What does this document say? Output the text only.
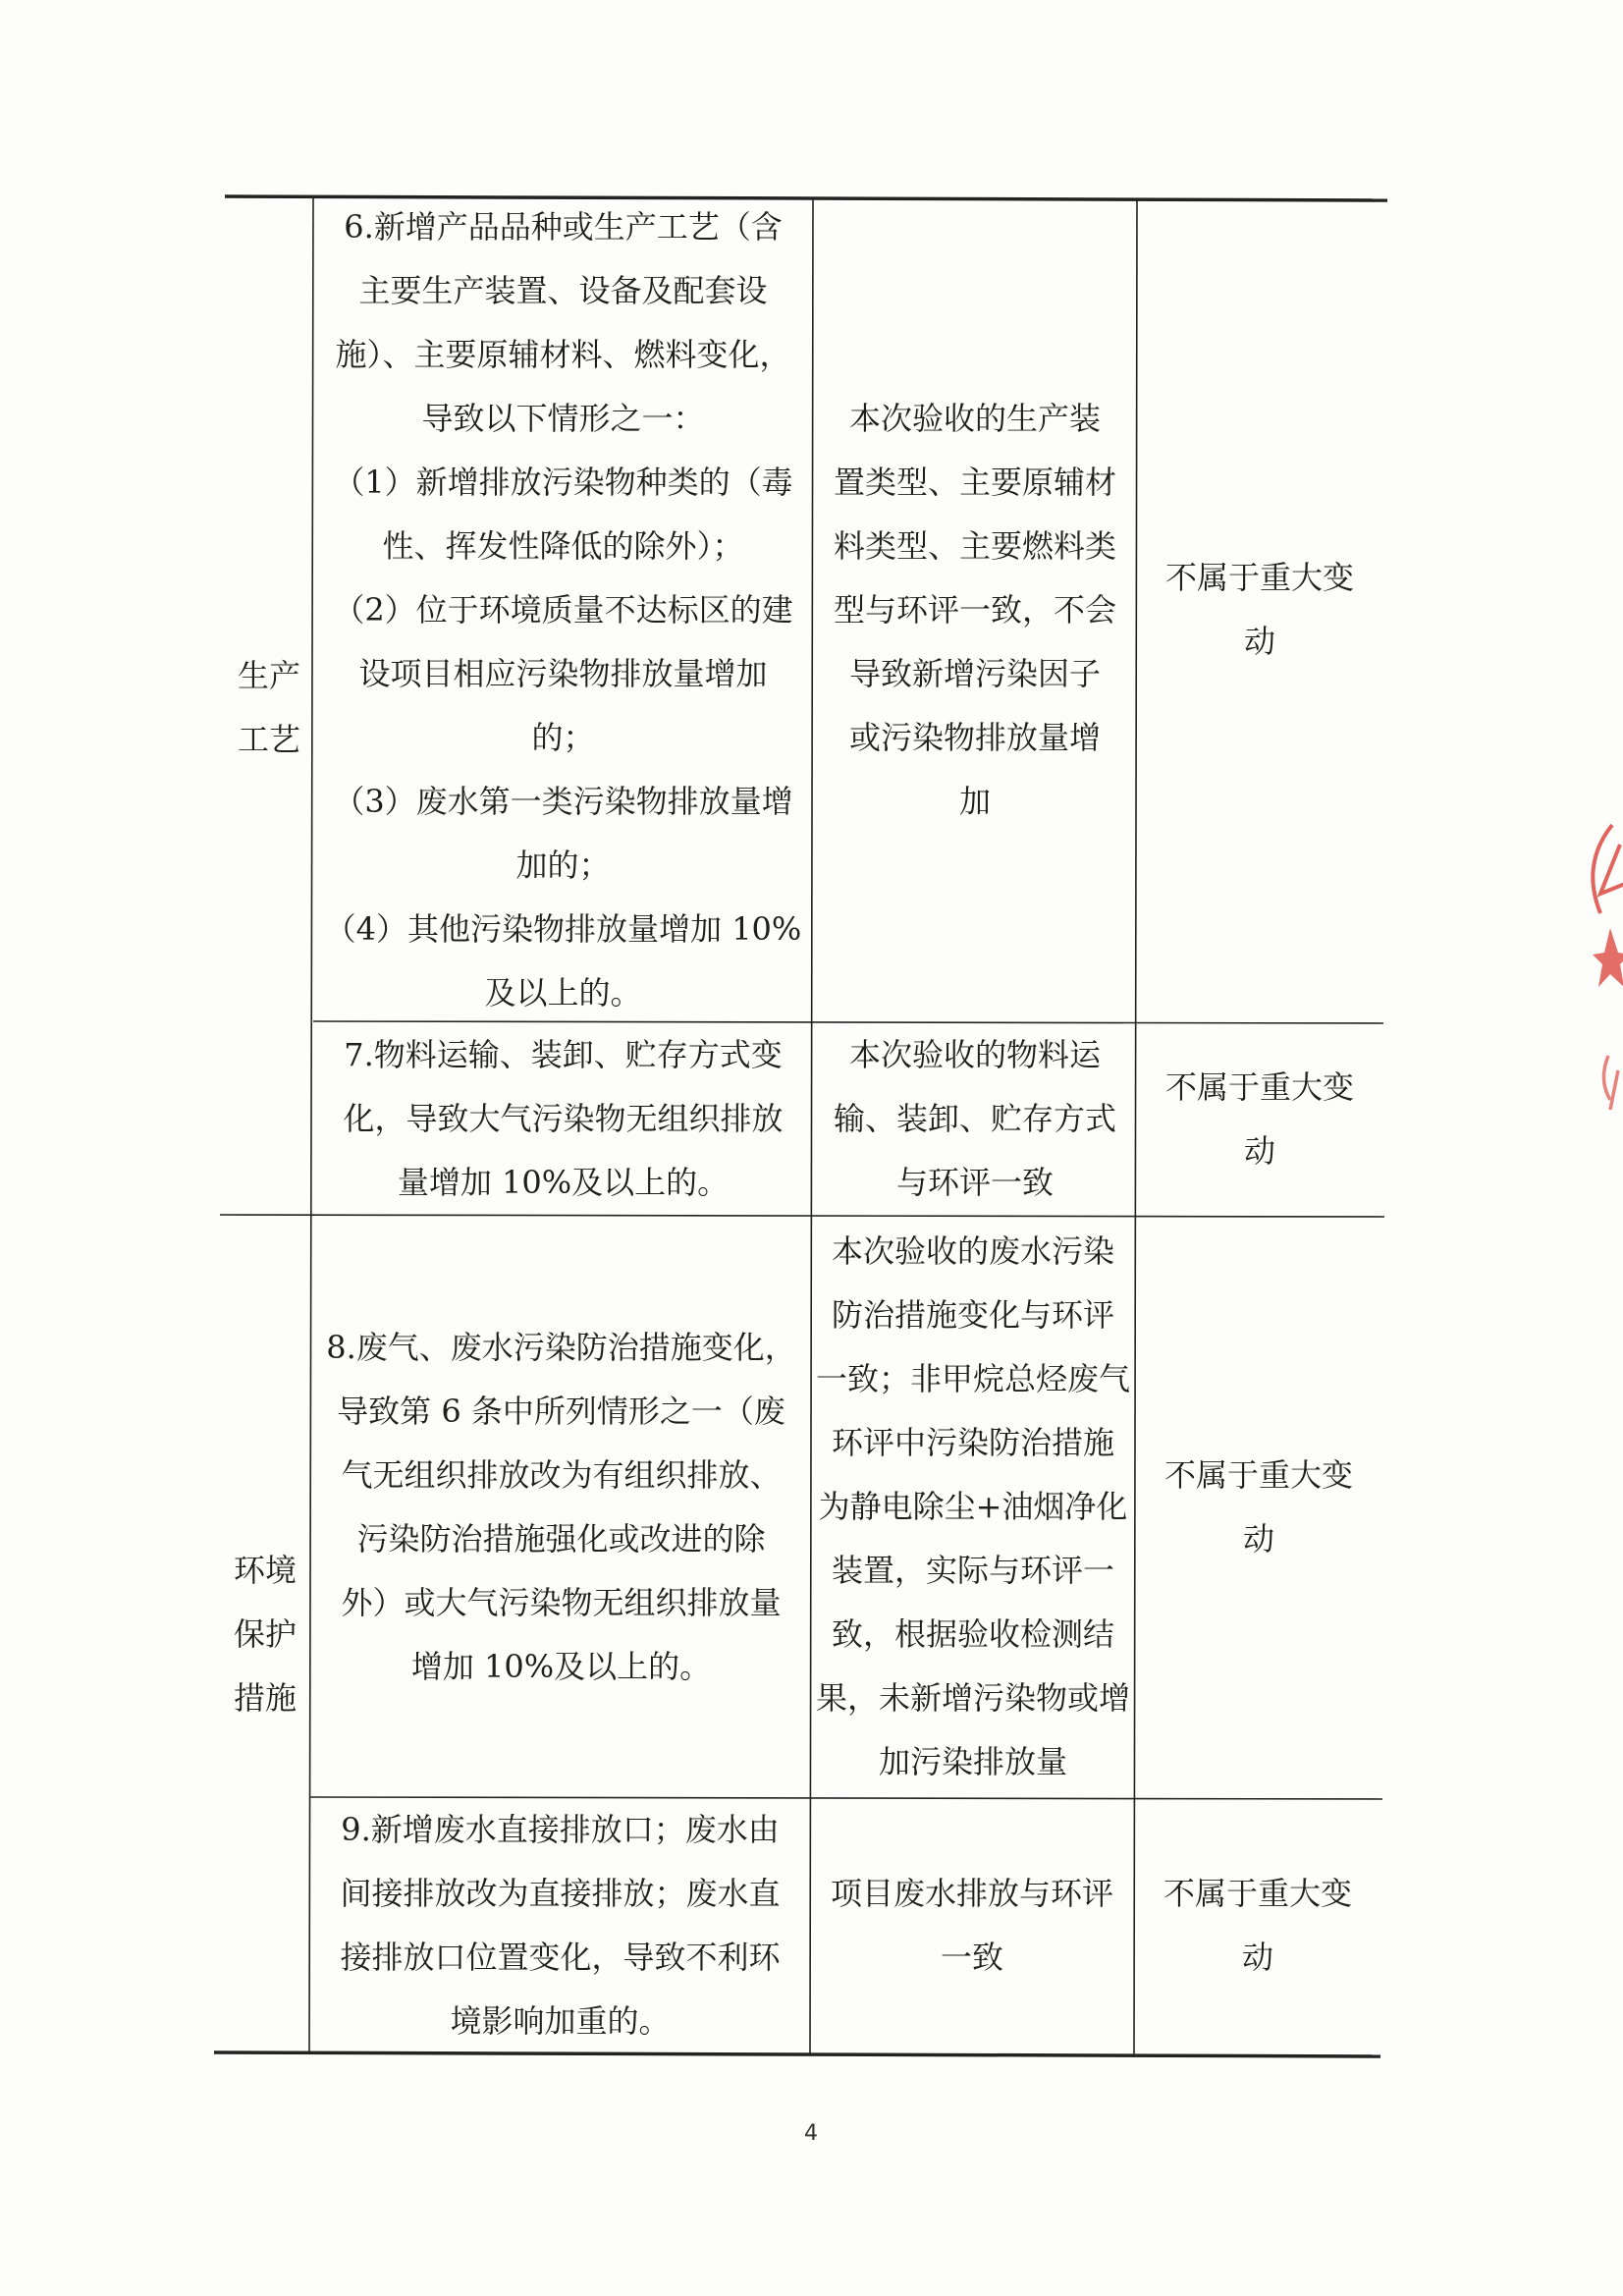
生产
工艺
6.新增产品品种或生产工艺（含
主要生产装置、设备及配套设
施）、主要原辅材料、燃料变化，
导致以下情形之一：
（1）新增排放污染物种类的（毒
性、挥发性降低的除外）；
（2）位于环境质量不达标区的建
设项目相应污染物排放量增加
的；
（3）废水第一类污染物排放量增
加的；
（4）其他污染物排放量增加 10%
及以上的。
本次验收的生产装
置类型、主要原辅材
料类型、主要燃料类
型与环评一致，不会
导致新增污染因子
或污染物排放量增
加
不属于重大变
动
7.物料运输、装卸、贮存方式变
化，导致大气污染物无组织排放
量增加 10%及以上的。
本次验收的物料运
输、装卸、贮存方式
与环评一致
不属于重大变
动
环境
保护
措施
8.废气、废水污染防治措施变化，
导致第 6 条中所列情形之一（废
气无组织排放改为有组织排放、
污染防治措施强化或改进的除
外）或大气污染物无组织排放量
增加 10%及以上的。
本次验收的废水污染
防治措施变化与环评
一致；非甲烷总烃废气
环评中污染防治措施
为静电除尘+油烟净化
装置，实际与环评一
致，根据验收检测结
果，未新增污染物或增
加污染排放量
不属于重大变
动
9.新增废水直接排放口；废水由
间接排放改为直接排放；废水直
接排放口位置变化，导致不利环
境影响加重的。
项目废水排放与环评
一致
不属于重大变
动
4
